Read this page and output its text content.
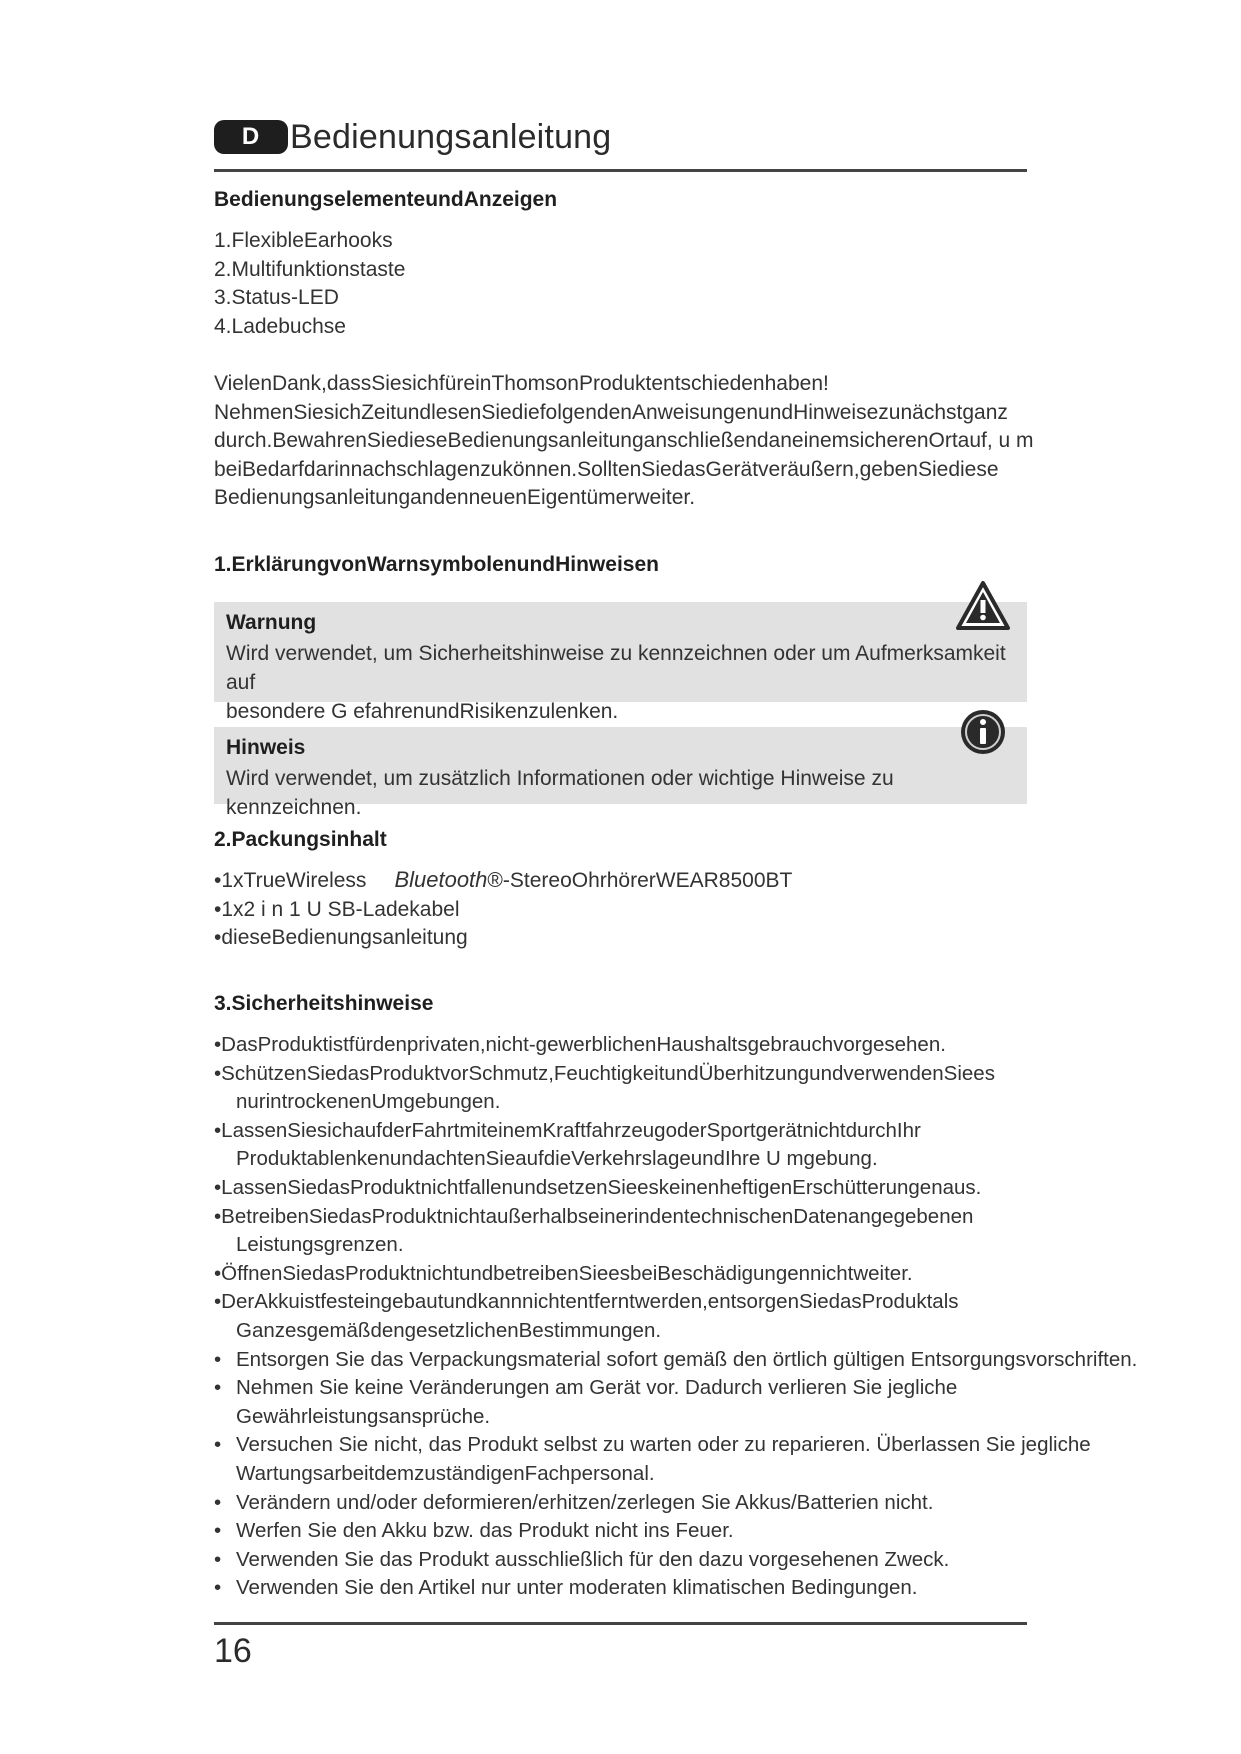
D Bedienungsanleitung
BedienungselementeundAnzeigen
1.FlexibleEarhooks
2.Multifunktionstaste
3.Status-LED
4.Ladebuchse
VielenDank,dassSiesichfüreinThomsonProduktentschiedenhaben!
NehmenSiesichZeitundlesenSiediefolgendenAnweisungenundHinweisezunächstganz
durch.BewahrenSiedieseBedienungsanleitunganschließendaneinemsicherenOrtauf, u m
beiBedarfdarinnachschlagenzukönnen.SolltenSiedasGerätveräußern,gebenSiediese
BedienungsanleitungandenneuenEigentümerweiter.
1.ErklärungvonWarnsymbolenundHinweisen
Warnung
Wird verwendet, um Sicherheitshinweise zu kennzeichnen oder um Aufmerksamkeit auf
besondere G efahrenundRisikenzulenken.
Hinweis
Wird verwendet, um zusätzlich Informationen oder wichtige Hinweise zu kennzeichnen.
2.Packungsinhalt
•1xTrueWireless Bluetooth®-StereoOhrhörerWEAR8500BT
•1x2 i n 1 U SB-Ladekabel
•dieseBedienungsanleitung
3.Sicherheitshinweise
•DasProduktistfürdenprivaten,nicht-gewerblichenHaushaltsgebrauchvorgesehen.
•SchützenSiedasProduktvorSchmutz,FeuchtigkeitundÜberhitzungundverwendenSiees
nurintrockenenUmgebungen.
•LassenSiesichaufderFahrtmiteinemKraftfahrzeugoderSportgerätnichtdurchIhr
ProduktablenkenundachtenSieaufdieVerkehrslageundIhre U mgebung.
•LassenSiedasProduktnichtfallenundsetzenSieeskeinenheftigenErschütterungenaus.
•BetreibenSiedasProduktnichtaußerhalbseinerindentechnischenDatenangegebenen
Leistungsgrenzen.
•ÖffnenSiedasProduktnichtundbetreibenSieesbeiBeschädigungennichtweiter.
•DerAkkuistfesteingebautundkannnichtentferntwerden,entsorgenSiedasProduktals
GanzesgemäßdengesetzlichenBestimmungen.
• Entsorgen Sie das Verpackungsmaterial sofort gemäß den örtlich gültigen Entsorgungsvorschriften.
• Nehmen Sie keine Veränderungen am Gerät vor. Dadurch verlieren Sie jegliche
Gewährleistungsansprüche.
• Versuchen Sie nicht, das Produkt selbst zu warten oder zu reparieren. Überlassen Sie jegliche
WartungsarbeitdemzuständigenFachpersonal.
• Verändern und/oder deformieren/erhitzen/zerlegen Sie Akkus/Batterien nicht.
• Werfen Sie den Akku bzw. das Produkt nicht ins Feuer.
• Verwenden Sie das Produkt ausschließlich für den dazu vorgesehenen Zweck.
• Verwenden Sie den Artikel nur unter moderaten klimatischen Bedingungen.
16
